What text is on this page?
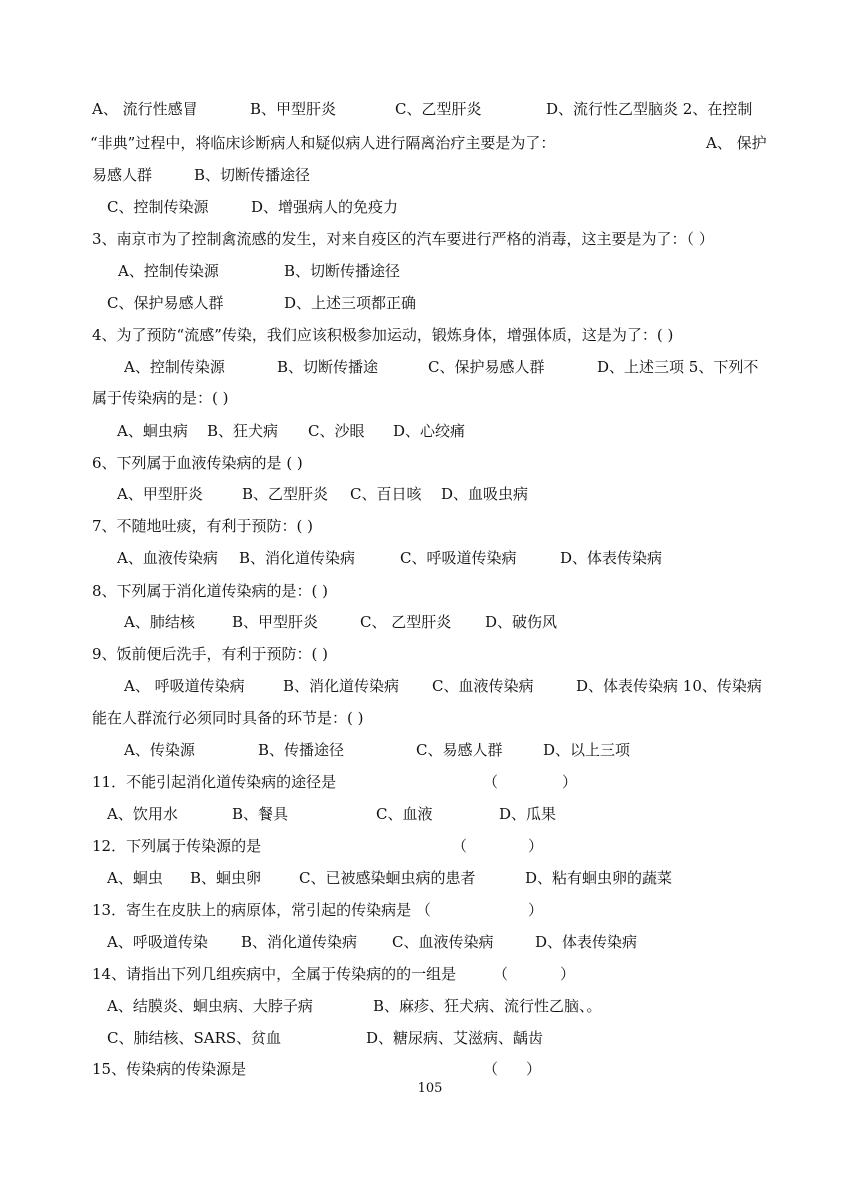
A、 流行性感冒

	B、甲型肝炎

	C、乙型肝炎

	D、流行性乙型脑炎 2、在控制

“非典”过程中，将临床诊断病人和疑似病人进行隔离治疗主要是为了：

	A、 保护

易感人群

	B、切断传播途径

C、控制传染源

	D、增强病人的免疫力

3、南京市为了控制禽流感的发生，对来自疫区的汽车要进行严格的消毒，这主要是为了：（ ）

A、控制传染源

	B、切断传播途径

C、保护易感人群

	D、上述三项都正确

4、为了预防“流感”传染，我们应该积极参加运动，锻炼身体，增强体质，这是为了：( )

A、控制传染源

	B、切断传播途

	C、保护易感人群

	D、上述三项 5、下列不

属于传染病的是：( )

A、蛔虫病

B、狂犬病

C、沙眼

D、心绞痛

6、下列属于血液传染病的是 ( )

A、甲型肝炎

	B、乙型肝炎

C、百日咳

D、血吸虫病

7、不随地吐痰，有利于预防：( )

A、血液传染病

B、消化道传染病

	C、呼吸道传染病

	D、体表传染病

8、下列属于消化道传染病的是：( )

A、肺结核

B、甲型肝炎

	C、 乙型肝炎

D、破伤风

9、饭前便后洗手，有利于预防：( )

A、 呼吸道传染病

	B、消化道传染病

C、血液传染病

	D、体表传染病 10、传染病

能在人群流行必须同时具备的环节是：( )

A、传染源

	B、传播途径

	C、易感人群

	D、以上三项

11．不能引起消化道传染病的途径是

	（

	）

A、饮用水

	B、餐具

	C、血液

	D、瓜果

12．下列属于传染源的是

	（

	）

A、蛔虫

B、蛔虫卵

	C、已被感染蛔虫病的患者

	D、粘有蛔虫卵的蔬菜

13．寄生在皮肤上的病原体，常引起的传染病是 （

	）

A、呼吸道传染

B、消化道传染病

C、血液传染病

	D、体表传染病

14、请指出下列几组疾病中，全属于传染病的的一组是

（

	）

A、结膜炎、蛔虫病、大脖子病

	B、麻疹、狂犬病、流行性乙脑、。

C、肺结核、SARS、贫血

	D、糖尿病、艾滋病、龋齿

15、传染病的传染源是

	（

）

105
